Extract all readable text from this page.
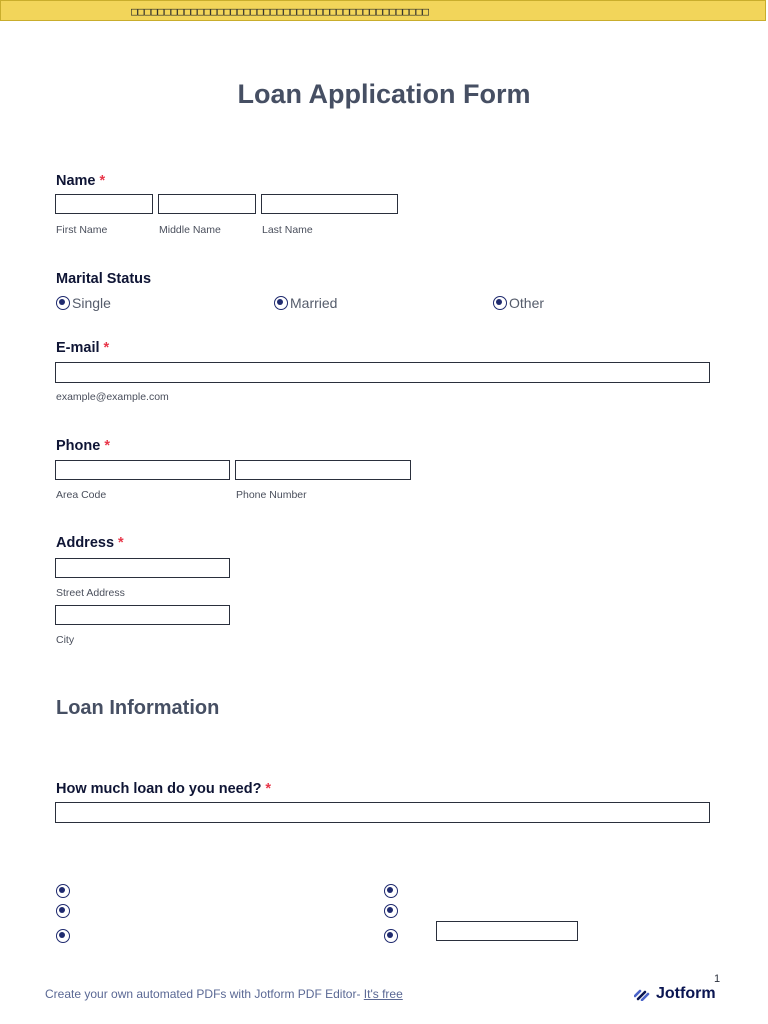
□□□□□□□□□□□□□□□□□□□□□□□□□□□□□□□□□□□□□□□□□□□□□
Loan Application Form
Name *
First Name	Middle Name	Last Name
Marital Status
Single	Married	Other
E-mail *
example@example.com
Phone *
Area Code	Phone Number
Address *
Street Address
City
Loan Information
How much loan do you need? *
1
Create your own automated PDFs with Jotform PDF Editor- It's free	Jotform
